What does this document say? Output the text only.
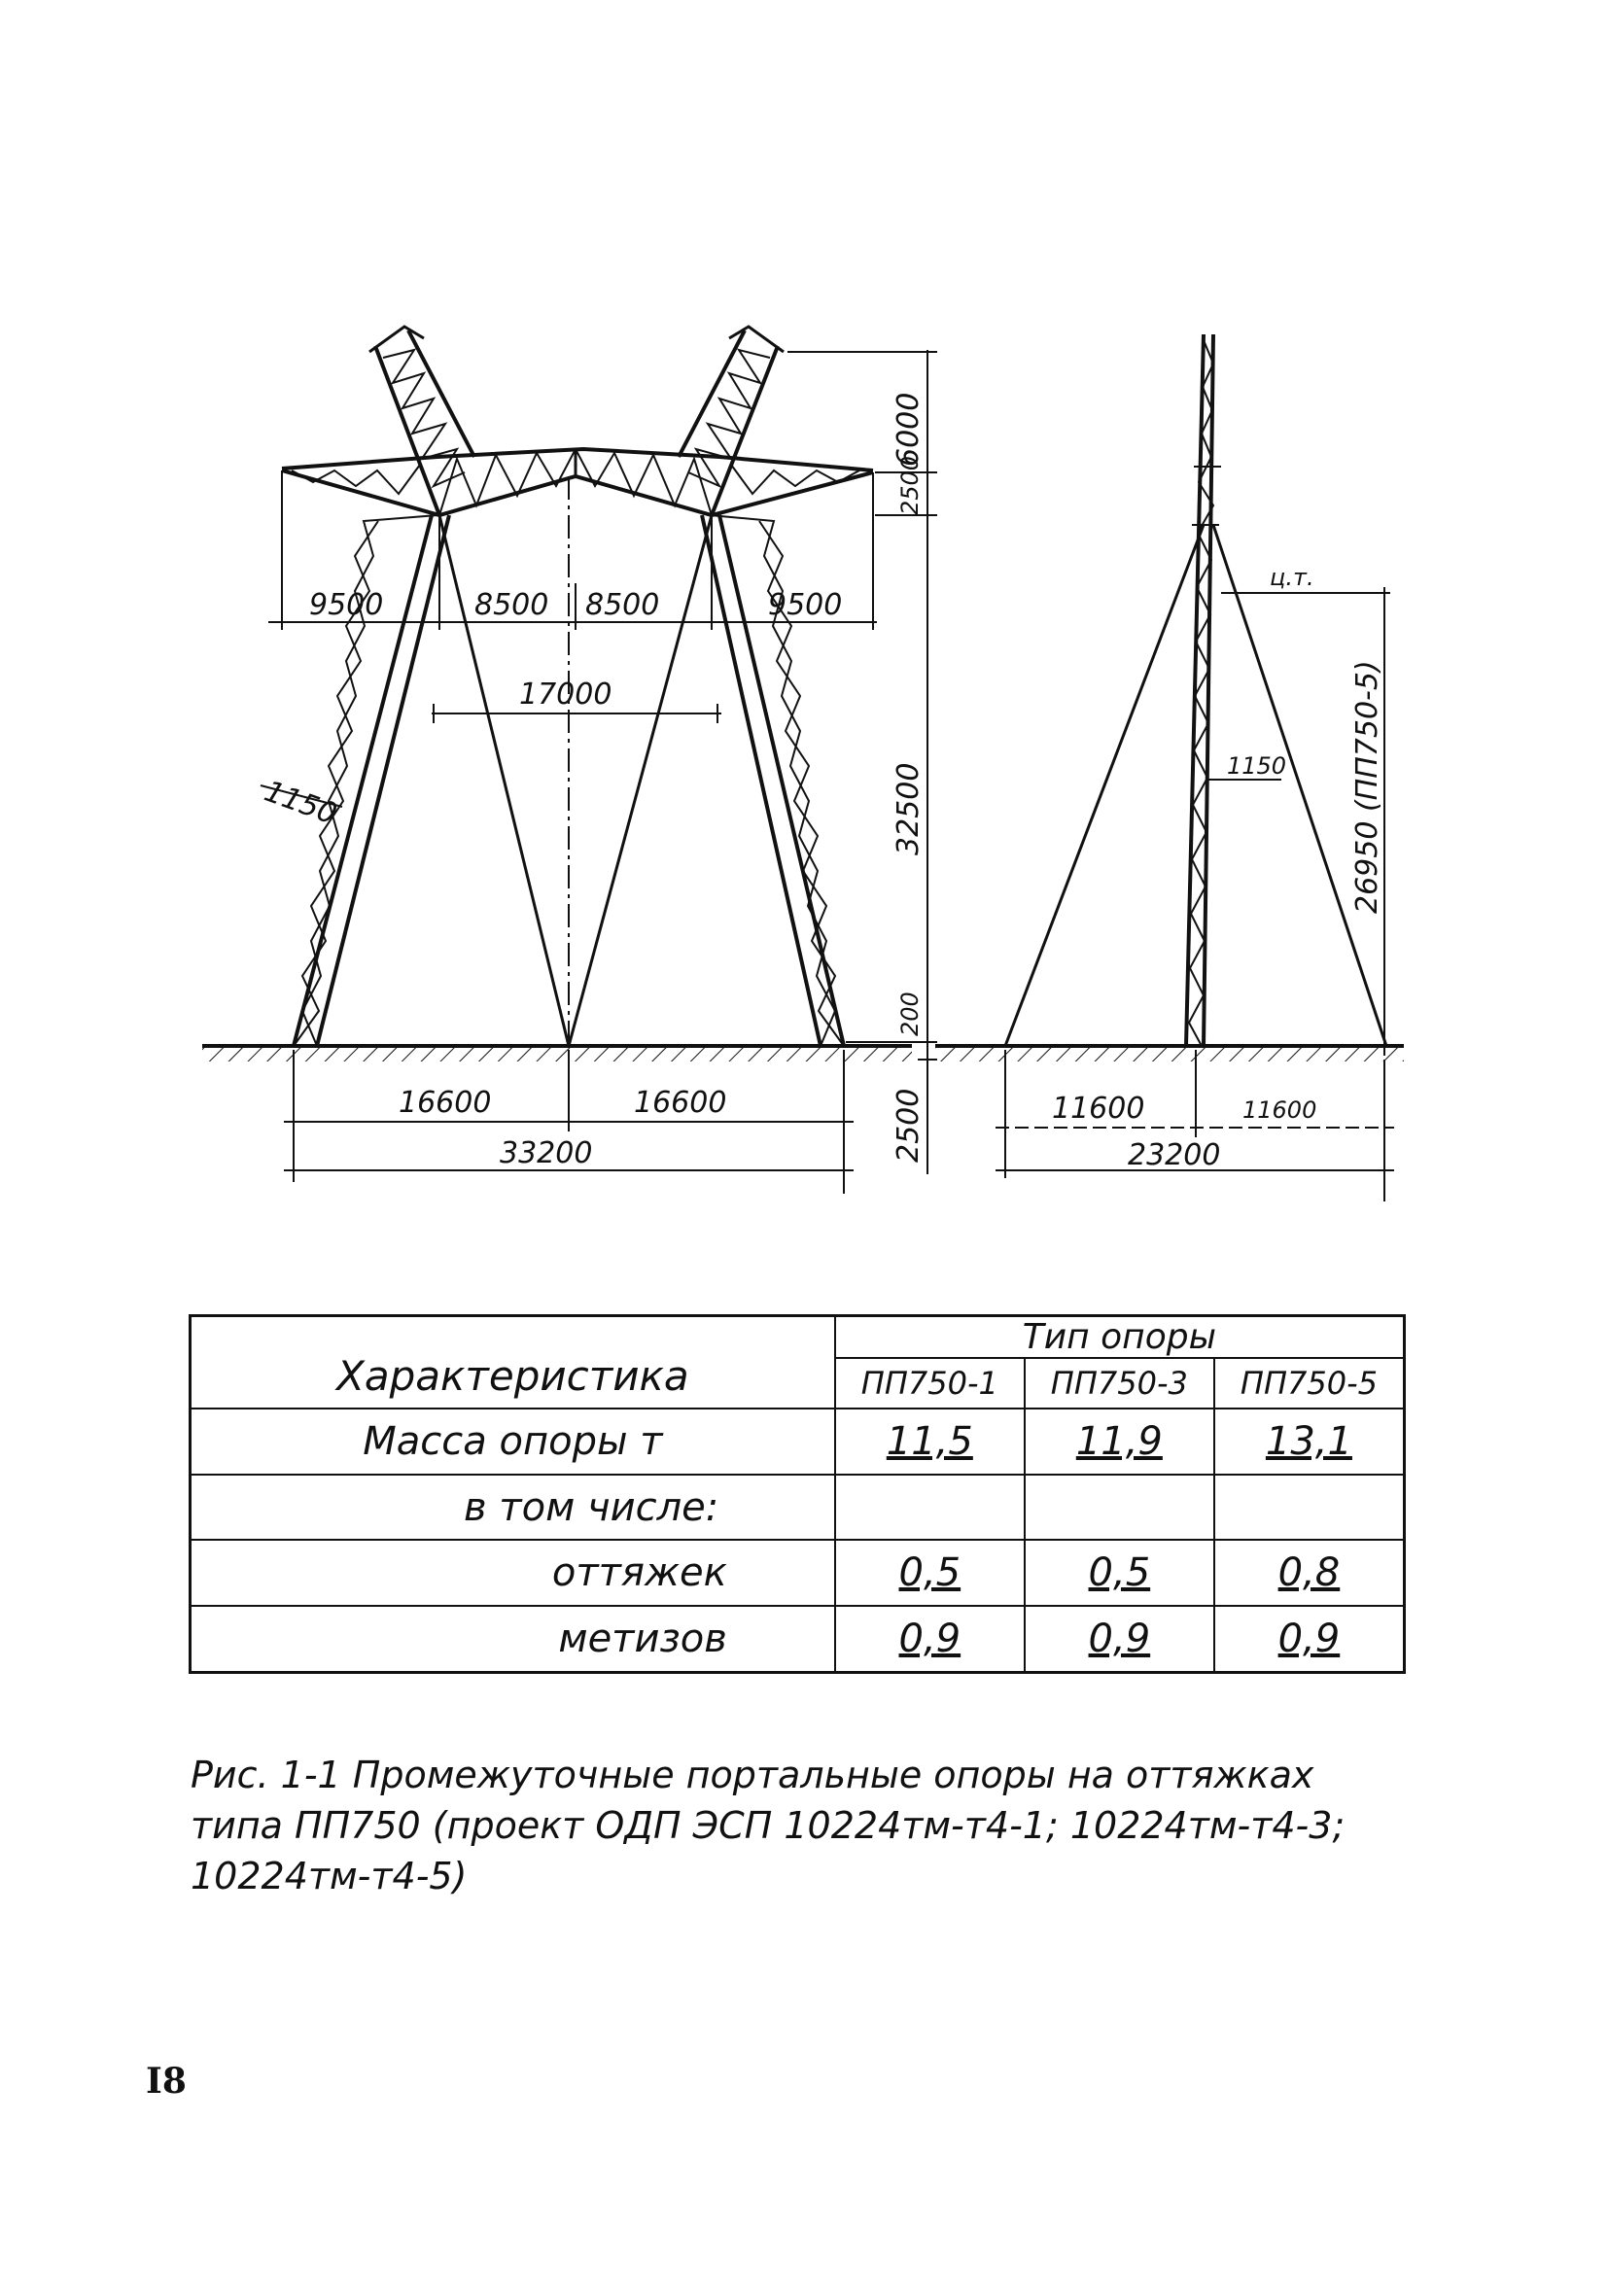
9500	8500 8500	9500
17000
1150
6000
2500
32500
200
2500
16600	16600
33200
ц.т.
26950 (ПП750-5)
1150
11600	11600
23200
Характеристика	Тип опоры		
	ПП750-1	ПП750-3	ПП750-5
Масса опоры т	11,5	11,9	13,1
в том числе:			
оттяжек	0,5	0,5	0,8
метизов	0,9	0,9	0,9

Рис. 1-1 Промежуточные портальные опоры на оттяжках типа ПП750 (проект ОДП ЭСП 10224тм-т4-1; 10224тм-т4-3; 10224тм-т4-5)

I8
